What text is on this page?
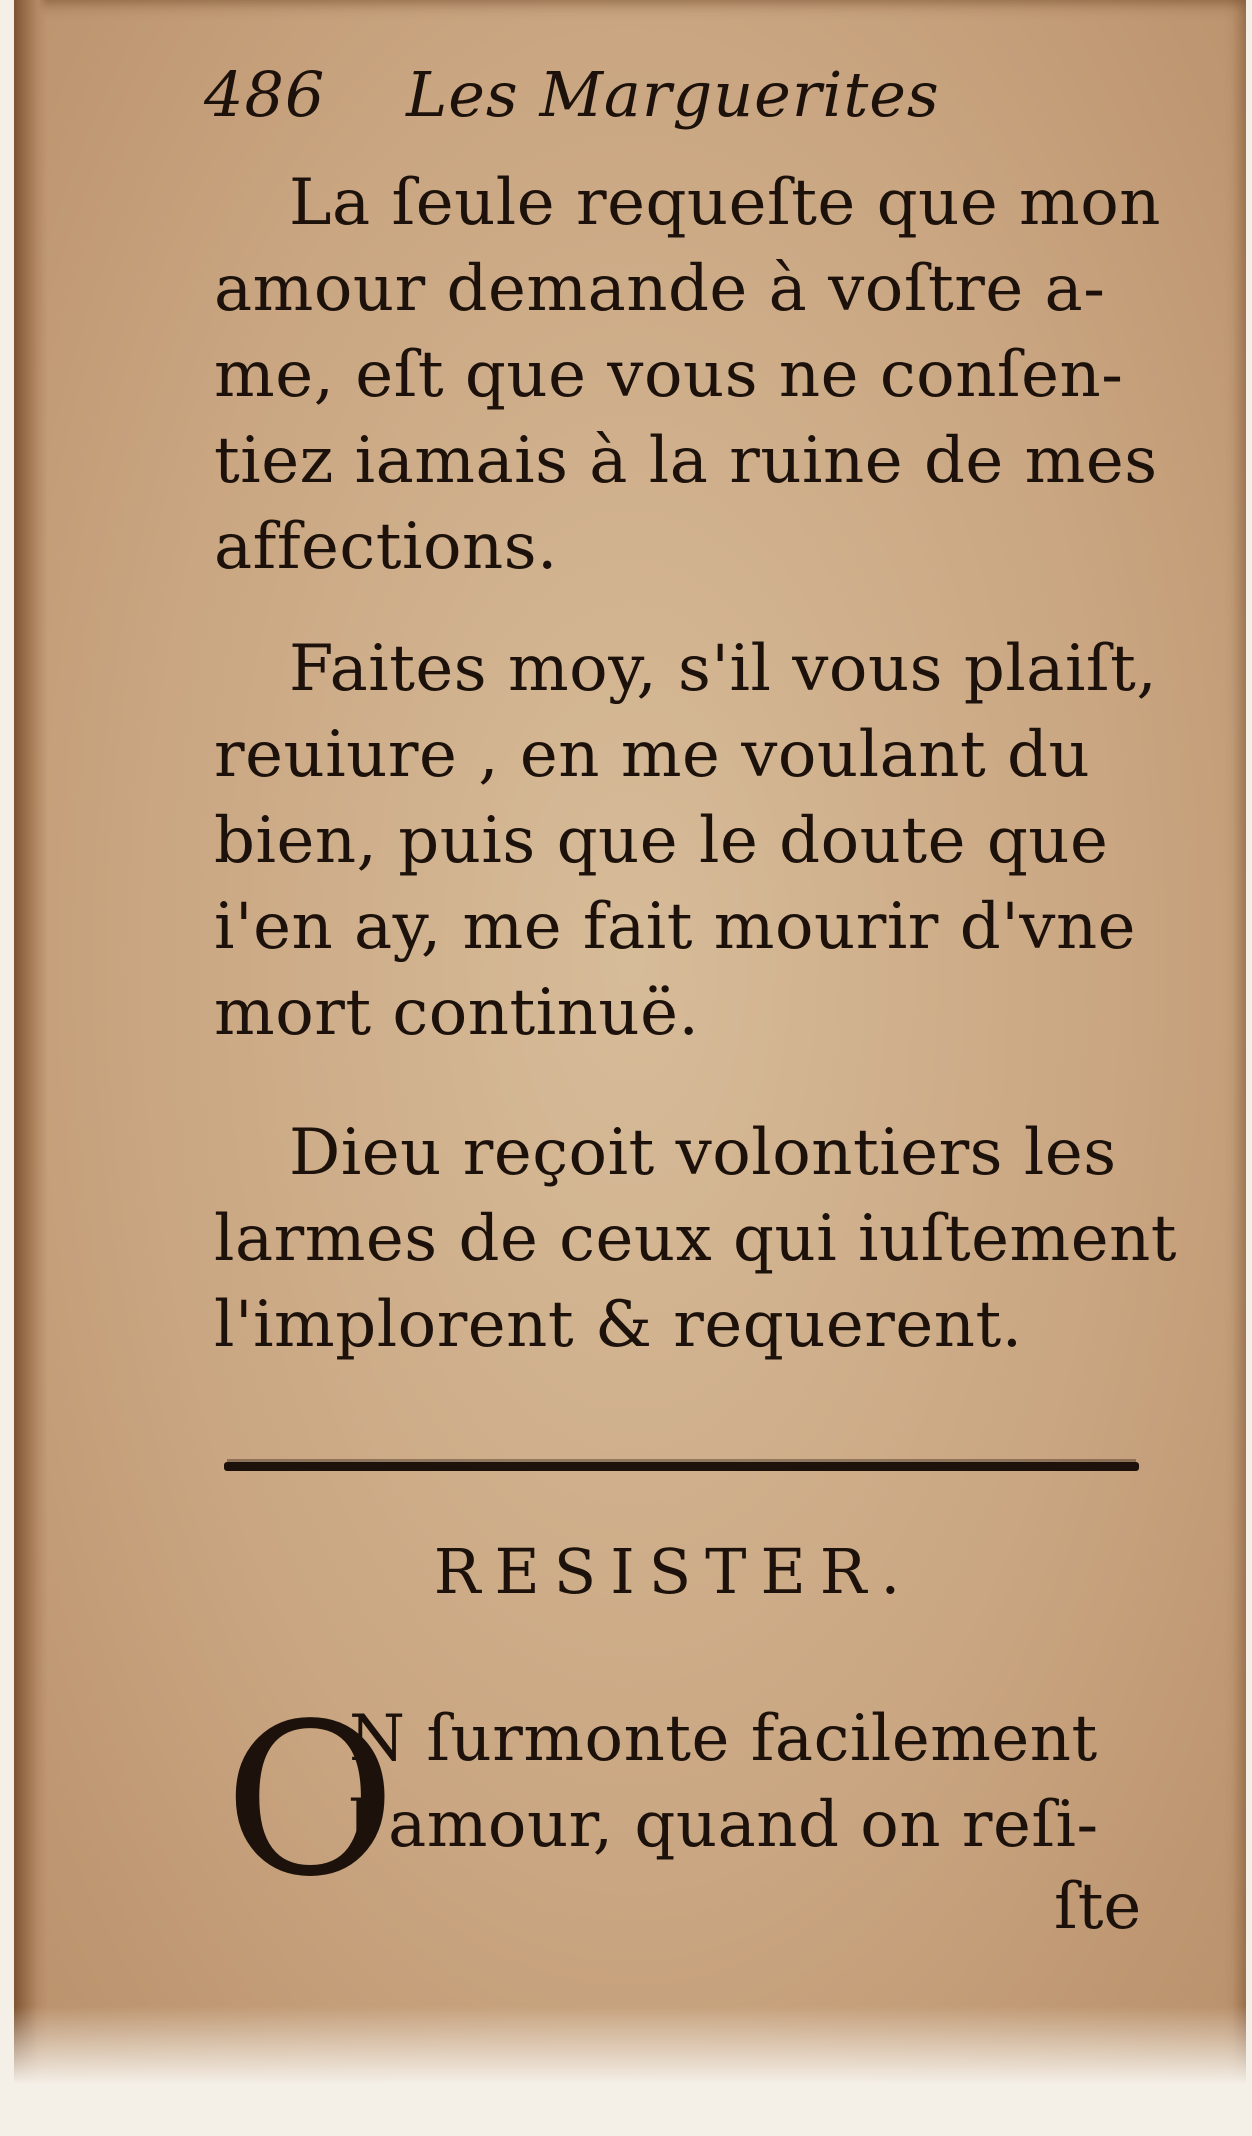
486 Les Marguerites
La ſeule requeſte que mon
amour demande à voſtre a-
me, eſt que vous ne conſen-
tiez iamais à la ruine de mes
affections.
Faites moy, s'il vous plaiſt,
reuiure , en me voulant du
bien, puis que le doute que
i'en ay, me fait mourir d'vne
mort continuë.
Dieu reçoit volontiers les
larmes de ceux qui iuſtement
l'implorent & requerent.
RESISTER.
O
N ſurmonte facilement
l'amour, quand on reſi-
ſte
